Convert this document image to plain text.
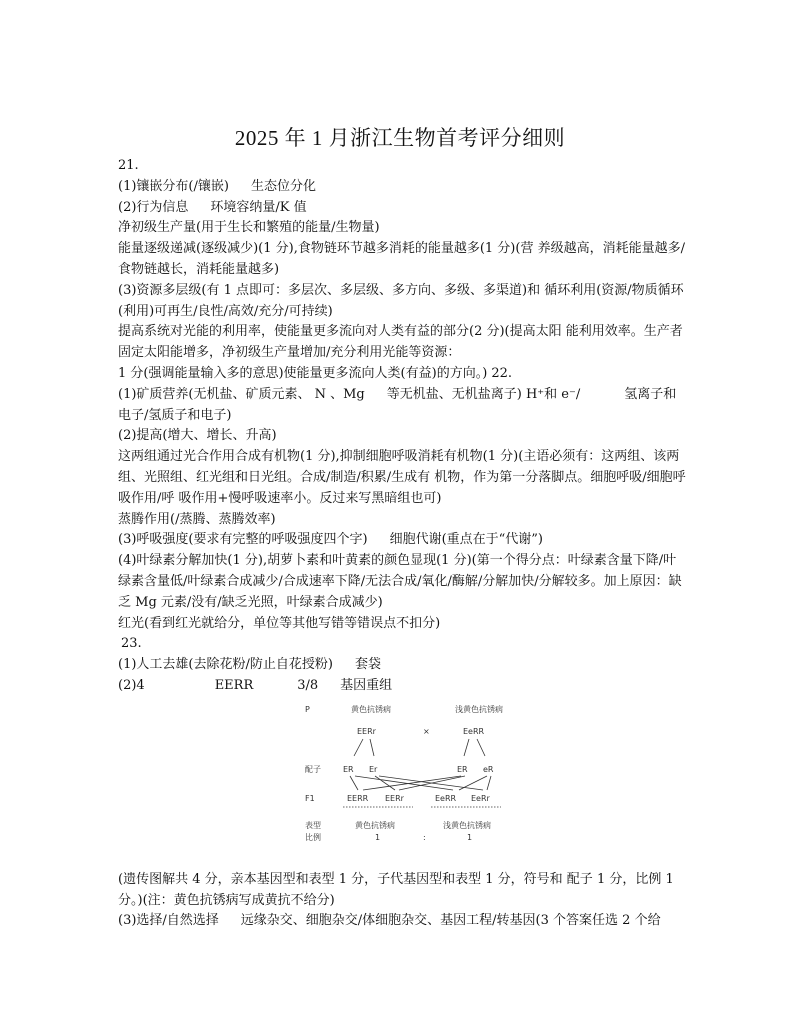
2025 年 1 月浙江生物首考评分细则

21.

(1)镶嵌分布(/镶嵌) 生态位分化

(2)行为信息 环境容纳量/K 值

净初级生产量(用于生长和繁殖的能量/生物量)

能量逐级递减(逐级减少)(1 分),食物链环节越多消耗的能量越多(1 分)(营 养级越高，消耗能量越多/食物链越长，消耗能量越多)

(3)资源多层级(有 1 点即可：多层次、多层级、多方向、多级、多渠道)和 循环利用(资源/物质循环(利用)可再生/良性/高效/充分/可持续)

提高系统对光能的利用率，使能量更多流向对人类有益的部分(2 分)(提高太阳 能利用效率。生产者固定太阳能增多，净初级生产量增加/充分利用光能等资源：

1 分(强调能量输入多的意思)使能量更多流向人类(有益)的方向。) 22.

(1)矿质营养(无机盐、矿质元素、 N 、Mg 等无机盐、无机盐离子) H⁺和 e⁻/	氢离子和电子/氢质子和电子)

(2)提高(增大、增长、升高)

这两组通过光合作用合成有机物(1 分),抑制细胞呼吸消耗有机物(1 分)(主语必须有：这两组、该两组、光照组、红光组和日光组。合成/制造/积累/生成有 机物，作为第一分落脚点。细胞呼吸/细胞呼吸作用/呼 吸作用+慢呼吸速率小。反过来写黑暗组也可)

蒸腾作用(/蒸腾、蒸腾效率)

(3)呼吸强度(要求有完整的呼吸强度四个字) 细胞代谢(重点在于“代谢”)

(4)叶绿素分解加快(1 分),胡萝卜素和叶黄素的颜色显现(1 分)(第一个得分点：叶绿素含量下降/叶绿素含量低/叶绿素合成减少/合成速率下降/无法合成/氧化/酶解/分解加快/分解较多。加上原因：缺乏 Mg 元素/没有/缺乏光照，叶绿素合成减少)

红光(看到红光就给分，单位等其他写错等错误点不扣分)

23.

(1)人工去雄(去除花粉/防止自花授粉) 套袋

(2)4	EERR	3/8 基因重组

P	黄色抗锈病	浅黄色抗锈病
EERr	×	EeRR
配子	ER Er	ER eR
F1	EERR EERr	EeRR EeRr
表型	黄色抗锈病	浅黄色抗锈病
比例	1	:	1

(遗传图解共 4 分，亲本基因型和表型 1 分，子代基因型和表型 1 分，符号和 配子 1 分，比例 1 分。)(注：黄色抗锈病写成黄抗不给分)

(3)选择/自然选择 远缘杂交、细胞杂交/体细胞杂交、基因工程/转基因(3 个答案任选 2 个给
